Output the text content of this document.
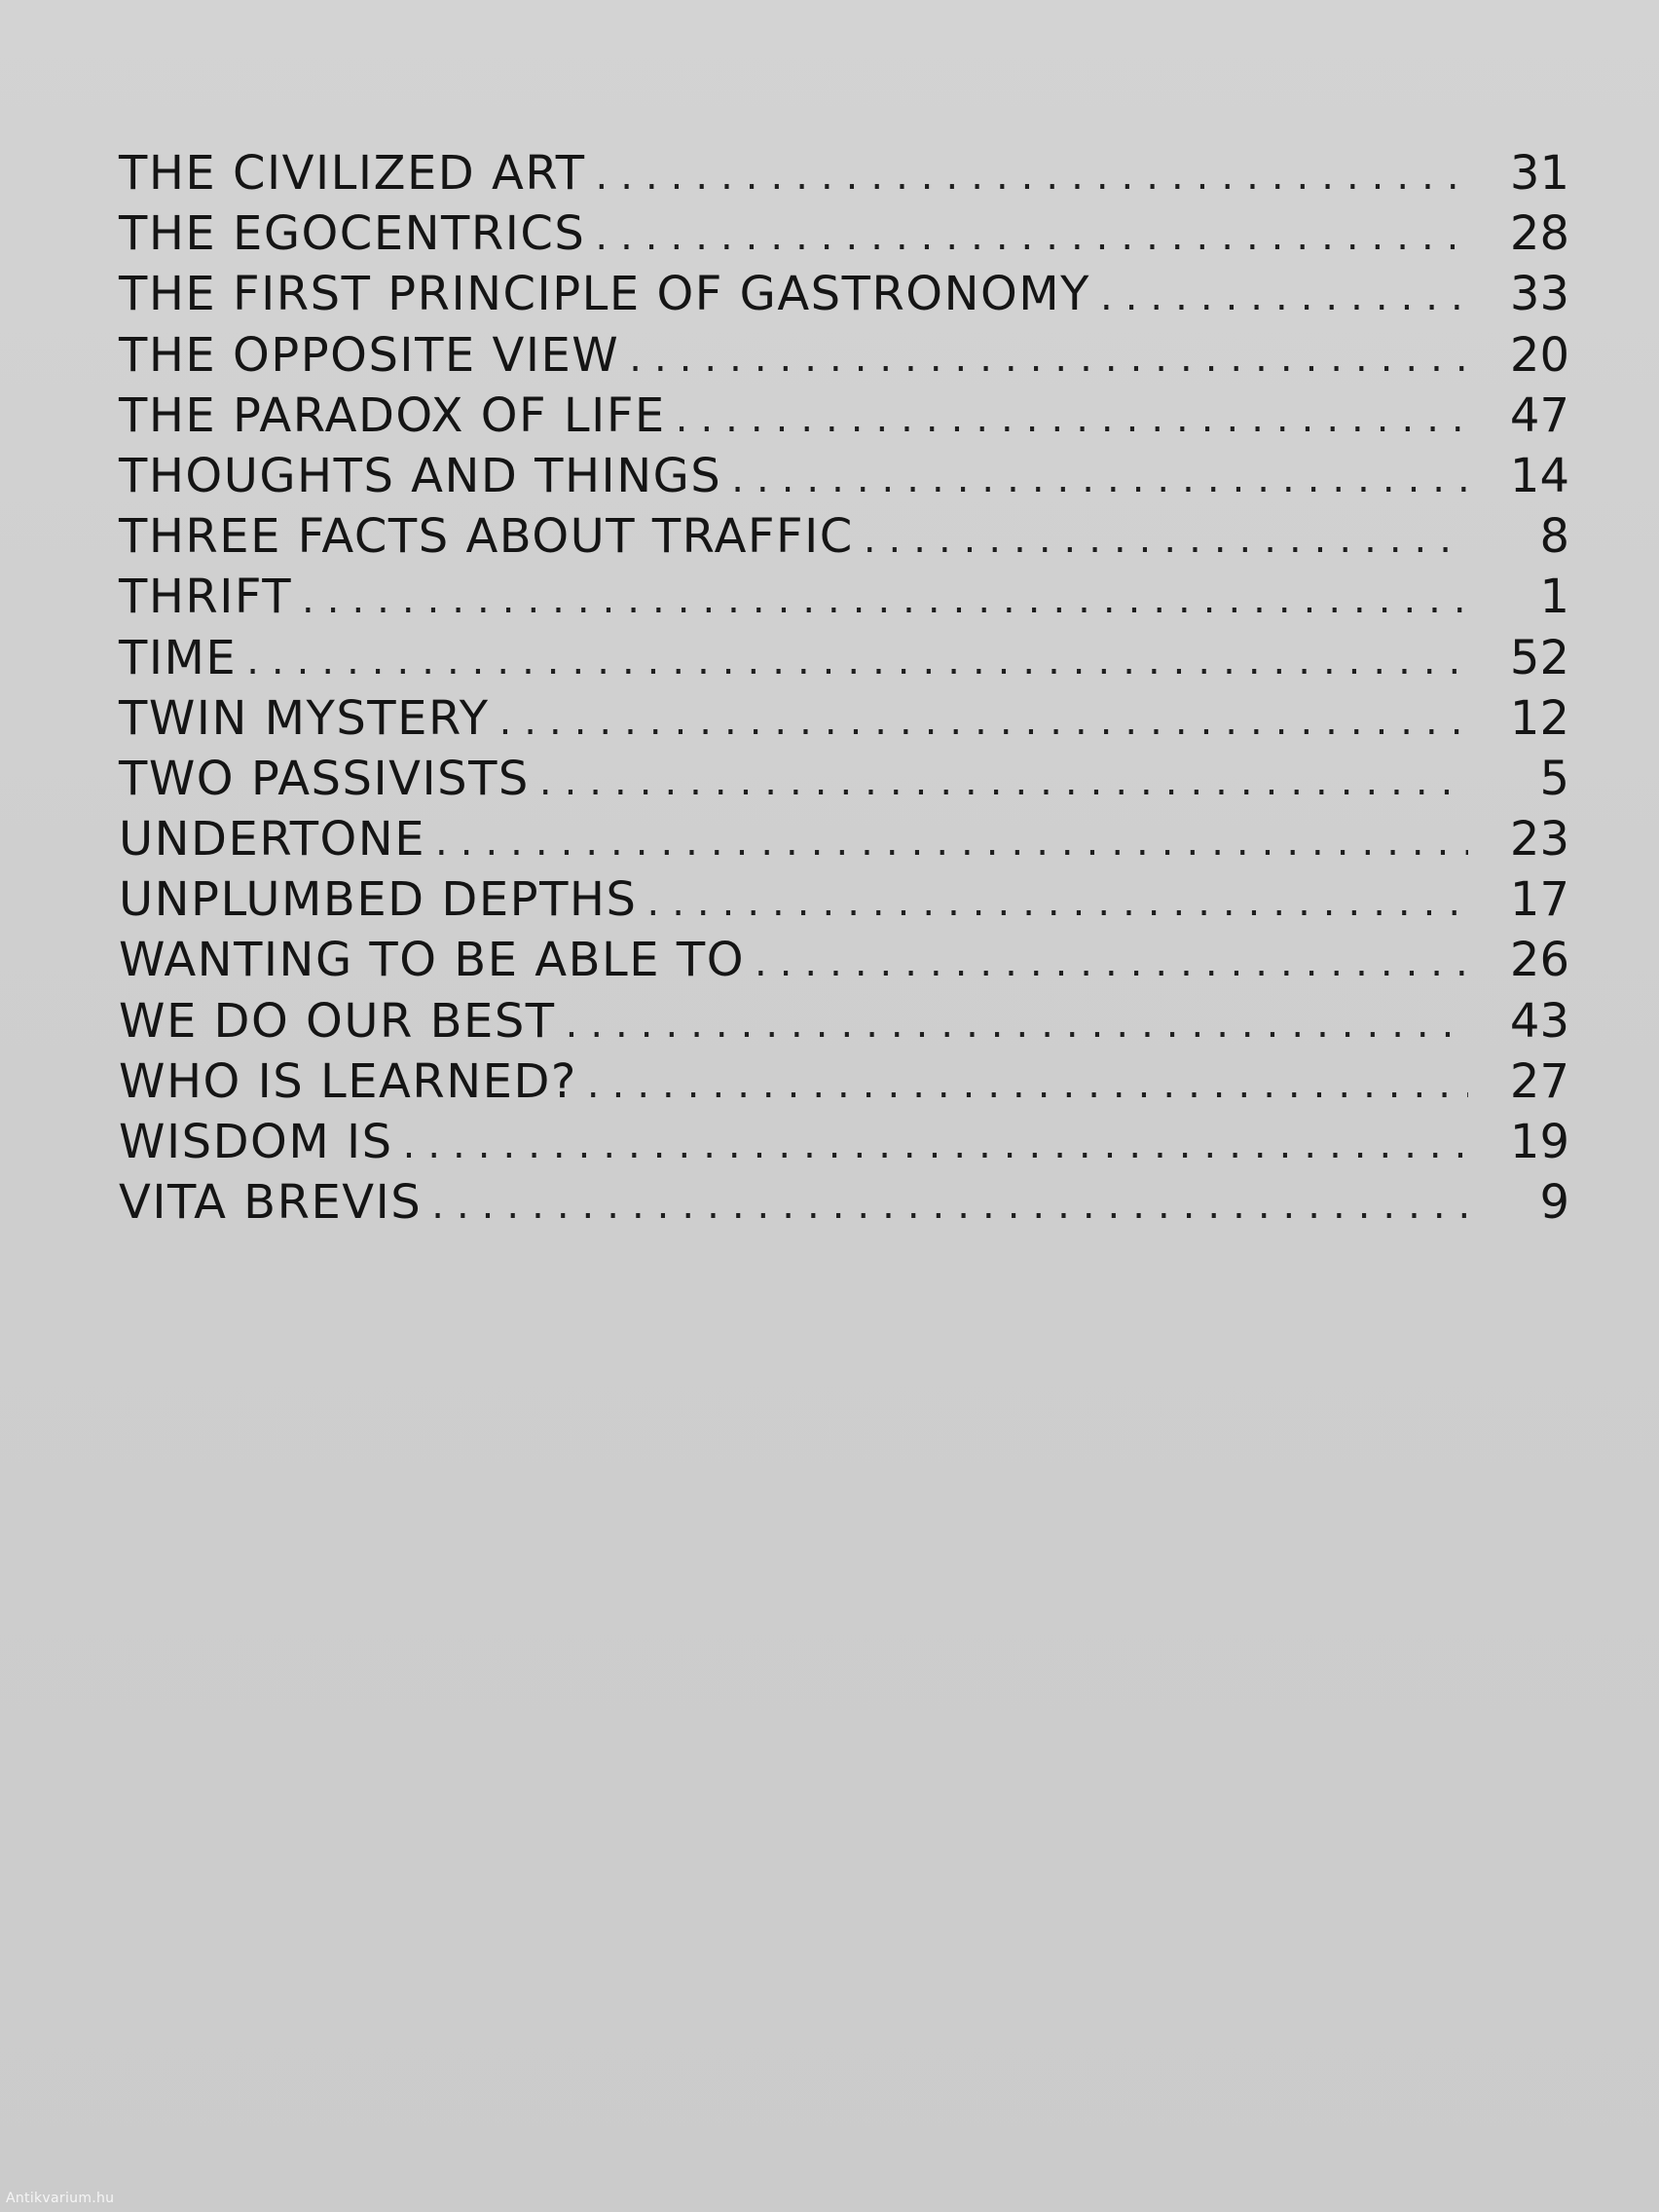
THE CIVILIZED ART .....	31
THE EGOCENTRICS .....	28
THE FIRST PRINCIPLE OF GASTRONOMY .....	33
THE OPPOSITE VIEW .....	20
THE PARADOX OF LIFE .....	47
THOUGHTS AND THINGS .....	14
THREE FACTS ABOUT TRAFFIC .....	8
THRIFT .....	1
TIME .....	52
TWIN MYSTERY .....	12
TWO PASSIVISTS .....	5
UNDERTONE .....	23
UNPLUMBED DEPTHS .....	17
WANTING TO BE ABLE TO .....	26
WE DO OUR BEST .....	43
WHO IS LEARNED? .....	27
WISDOM IS .....	19
VITA BREVIS .....	9
Antikvarium.hu
